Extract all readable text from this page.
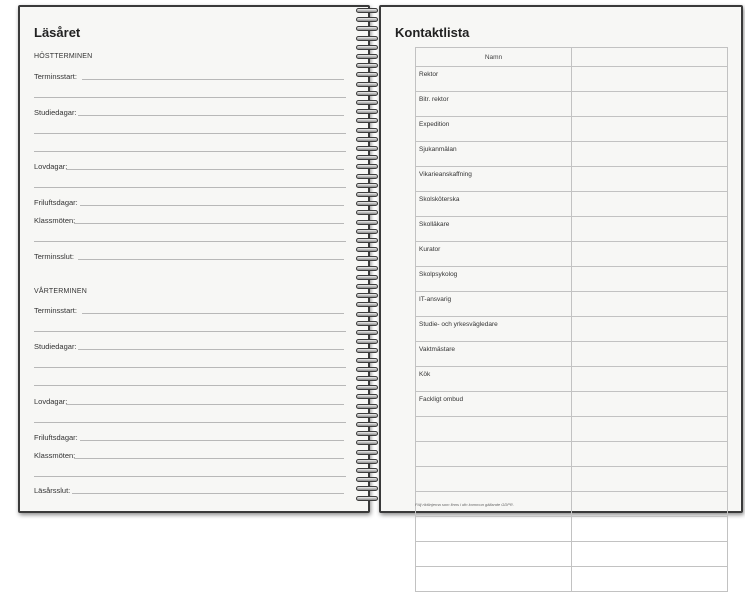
Läsåret
HÖSTTERMINEN
Terminsstart:
Studiedagar:
Lovdagar:
Friluftsdagar:
Klassmöten:
Terminsslut:
VÅRTERMINEN
Terminsstart:
Studiedagar:
Lovdagar:
Friluftsdagar:
Klassmöten:
Läsårsslut:
Kontaktlista
Namn	
Rektor	
Bitr. rektor	
Expedition	
Sjukanmälan	
Vikarieanskaffning	
Skolsköterska	
Skolläkare	
Kurator	
Skolpsykolog	
IT-ansvarig	
Studie- och yrkesvägledare	
Vaktmästare	
Kök	
Fackligt ombud	

Följ riktlinjerna som finns i din kommun gällande GDPR.
